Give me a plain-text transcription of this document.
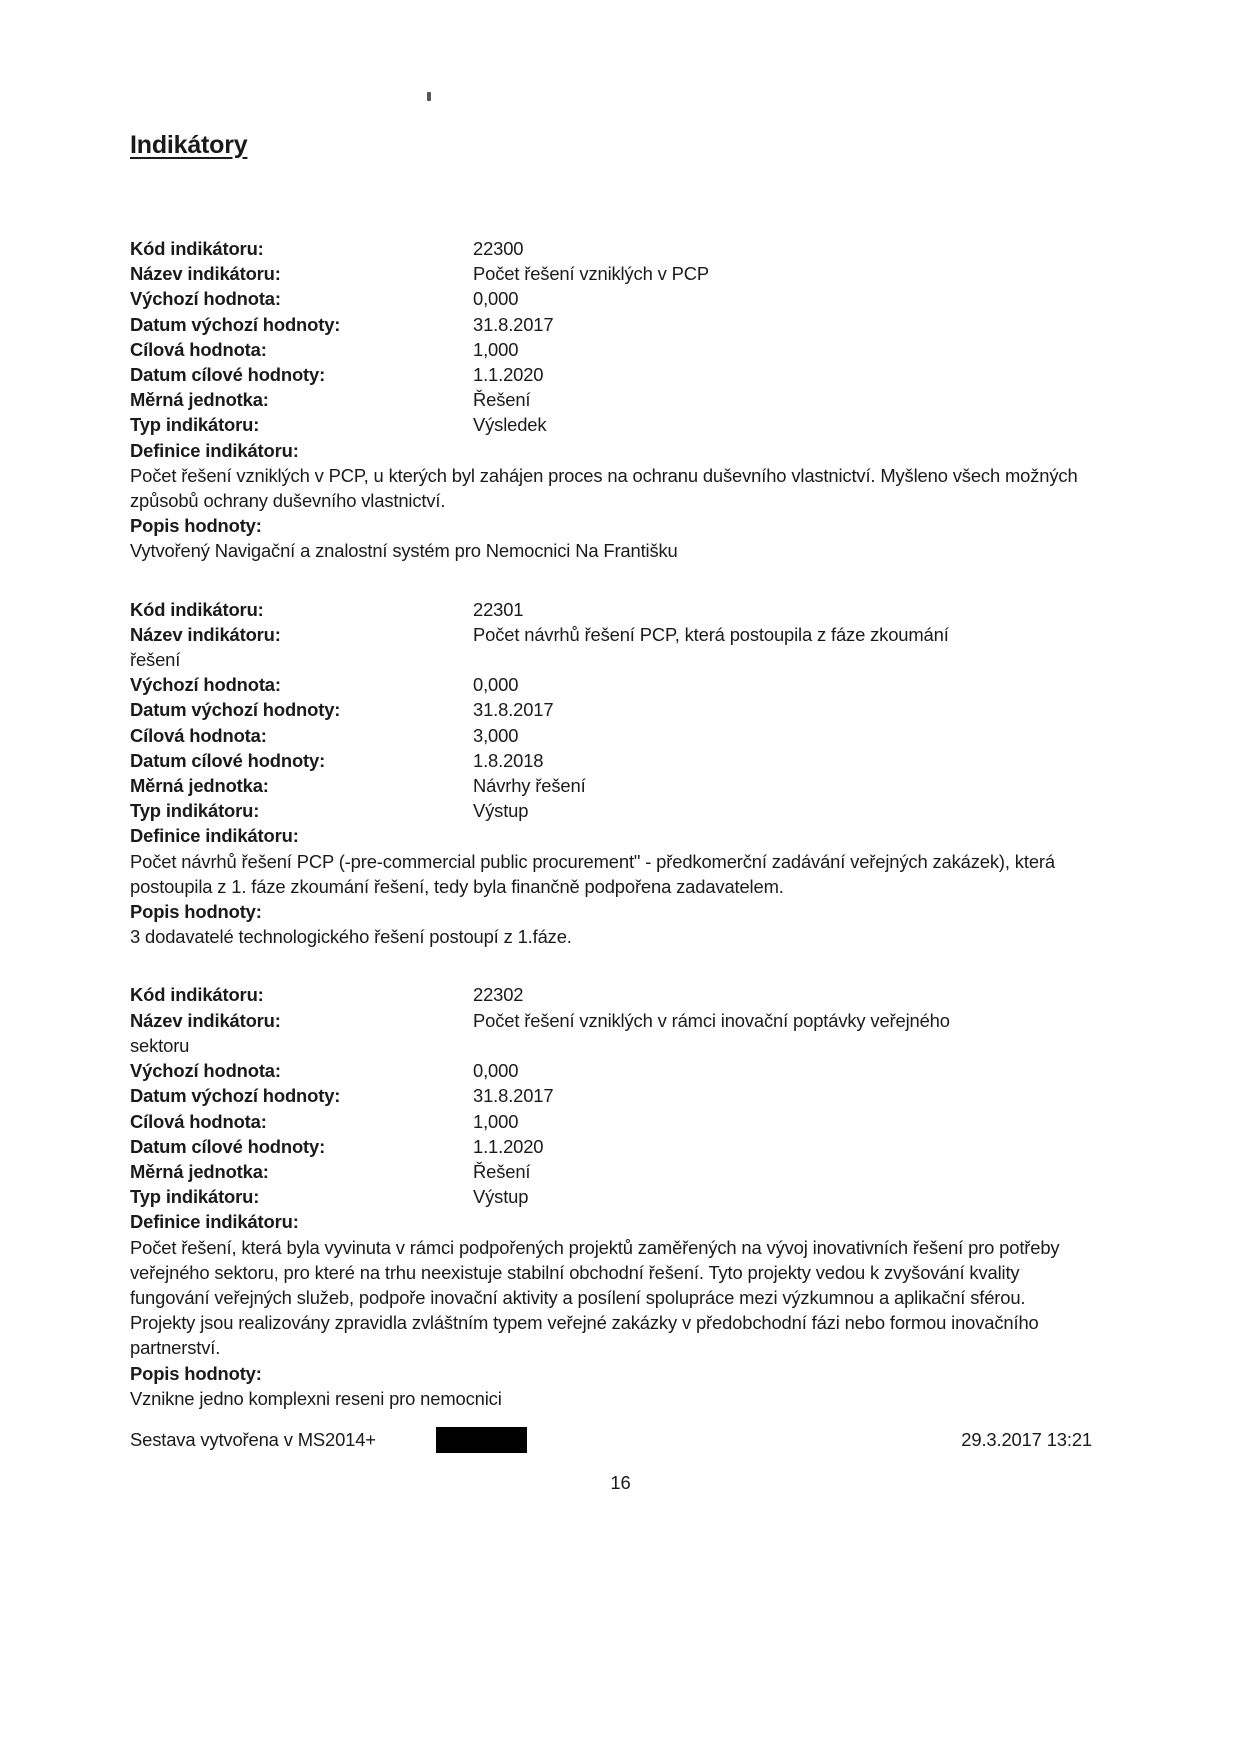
Indikátory
Kód indikátoru:	22300
Název indikátoru:	Počet řešení vzniklých v PCP
Výchozí hodnota:	0,000
Datum výchozí hodnoty:	31.8.2017
Cílová hodnota:	1,000
Datum cílové hodnoty:	1.1.2020
Měrná jednotka:	Řešení
Typ indikátoru:	Výsledek
Definice indikátoru:

Počet řešení vzniklých v PCP, u kterých byl zahájen proces na ochranu duševního vlastnictví. Myšleno všech možných způsobů ochrany duševního vlastnictví.

Popis hodnoty:

Vytvořený Navigační a znalostní systém pro Nemocnici Na Františku

Kód indikátoru:	22301
Název indikátoru:	Počet návrhů řešení PCP, která postoupila z fáze zkoumání
řešení
Výchozí hodnota:	0,000
Datum výchozí hodnoty:	31.8.2017
Cílová hodnota:	3,000
Datum cílové hodnoty:	1.8.2018
Měrná jednotka:	Návrhy řešení
Typ indikátoru:	Výstup
Definice indikátoru:

Počet návrhů řešení PCP (-pre-commercial public procurement" - předkomerční zadávání veřejných zakázek), která postoupila z 1. fáze zkoumání řešení, tedy byla finančně podpořena zadavatelem.

Popis hodnoty:

3 dodavatelé technologického řešení postoupí z 1.fáze.

Kód indikátoru:	22302
Název indikátoru:	Počet řešení vzniklých v rámci inovační poptávky veřejného
sektoru
Výchozí hodnota:	0,000
Datum výchozí hodnoty:	31.8.2017
Cílová hodnota:	1,000
Datum cílové hodnoty:	1.1.2020
Měrná jednotka:	Řešení
Typ indikátoru:	Výstup
Definice indikátoru:

Počet řešení, která byla vyvinuta v rámci podpořených projektů zaměřených na vývoj inovativních řešení pro potřeby veřejného sektoru, pro které na trhu neexistuje stabilní obchodní řešení. Tyto projekty vedou k zvyšování kvality fungování veřejných služeb, podpoře inovační aktivity a posílení spolupráce mezi výzkumnou a aplikační sférou. Projekty jsou realizovány zpravidla zvláštním typem veřejné zakázky v předobchodní fázi nebo formou inovačního partnerství.

Popis hodnoty:

Vznikne jedno komplexni reseni pro nemocnici

Sestava vytvořena v MS2014+	29.3.2017 13:21
16
